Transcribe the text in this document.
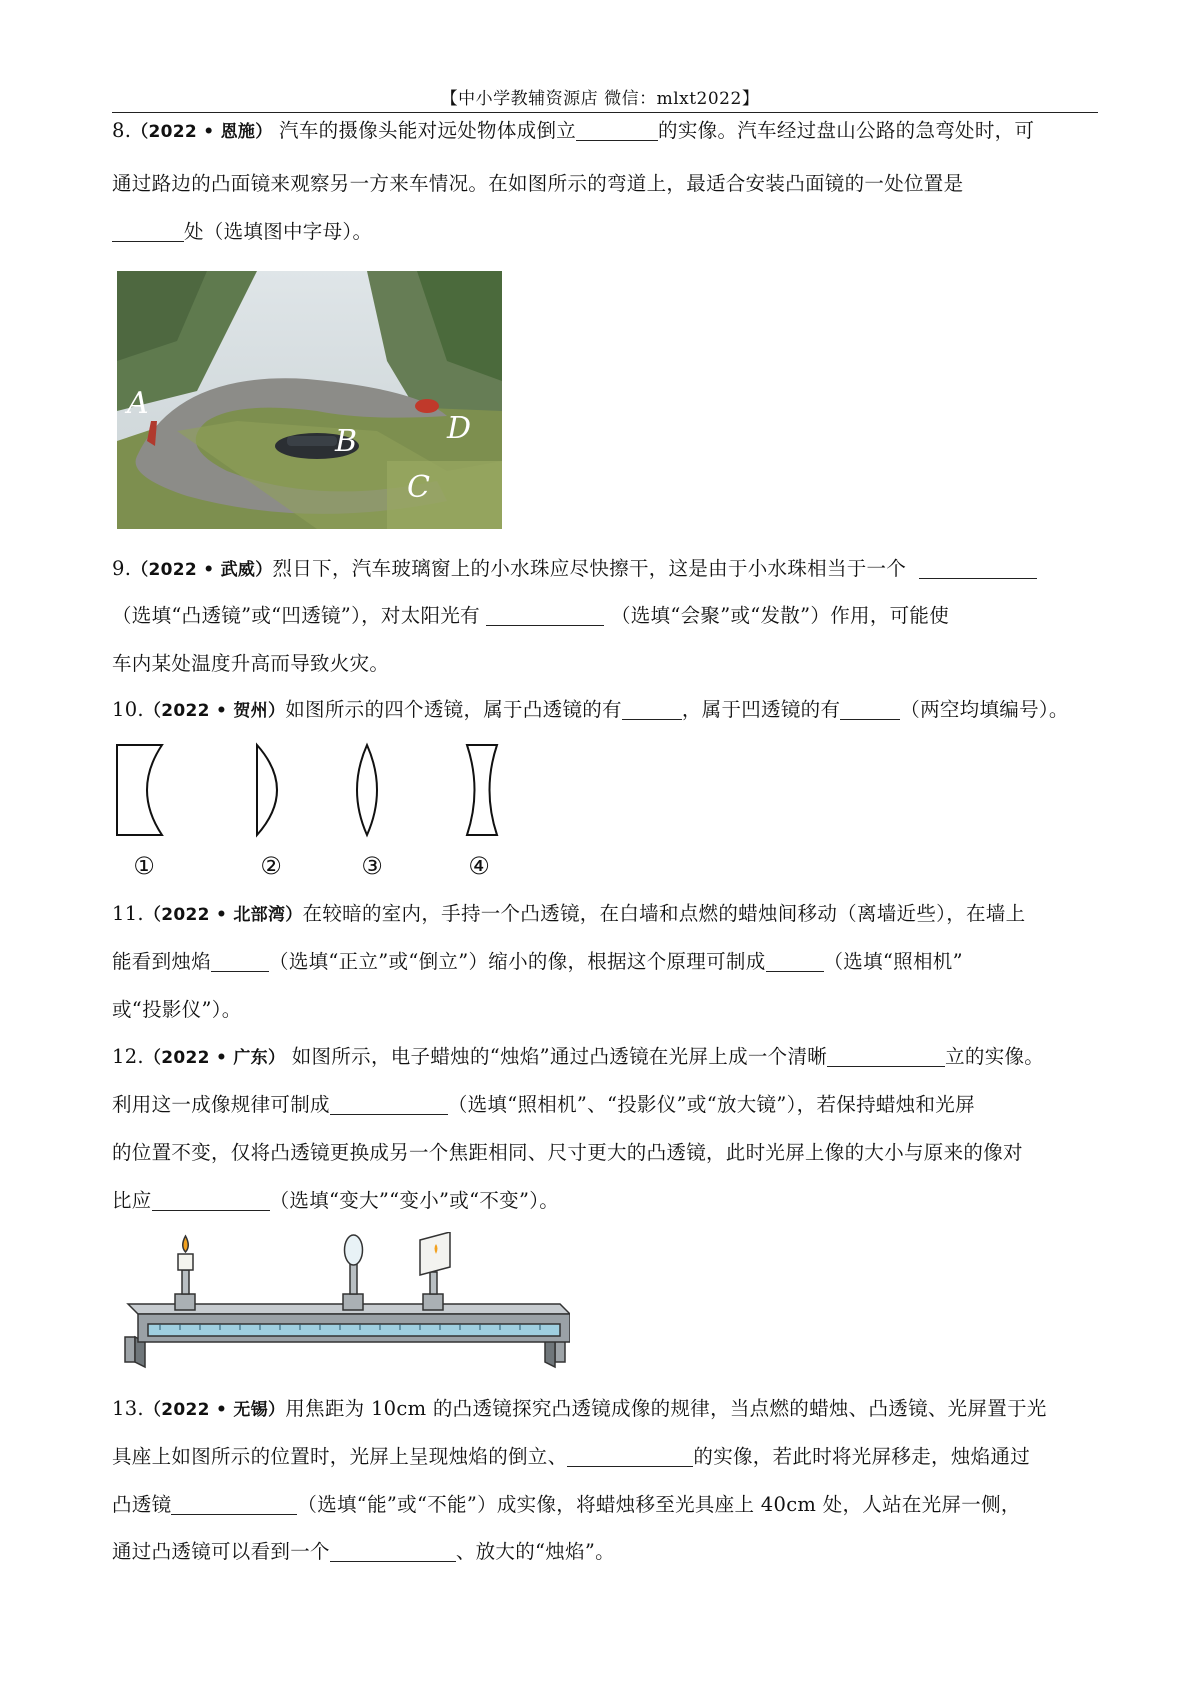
【中小学教辅资源店 微信：mlxt2022】
8.（2022 • 恩施） 汽车的摄像头能对远处物体成倒立	的实像。汽车经过盘山公路的急弯处时，可
通过路边的凸面镜来观察另一方来车情况。在如图所示的弯道上，最适合安装凸面镜的一处位置是
处（选填图中字母）。
A
B
C
D
9.（2022 • 武威）烈日下，汽车玻璃窗上的小水珠应尽快擦干，这是由于小水珠相当于一个
（选填“凸透镜”或“凹透镜”），对太阳光有	（选填“会聚”或“发散”）作用，可能使
车内某处温度升高而导致火灾。
10.（2022 • 贺州）如图所示的四个透镜，属于凸透镜的有	，属于凹透镜的有	（两空均填编号）。
①	②	③	④
11.（2022 • 北部湾）在较暗的室内，手持一个凸透镜，在白墙和点燃的蜡烛间移动（离墙近些），在墙上
能看到烛焰	（选填“正立”或“倒立”）缩小的像，根据这个原理可制成	（选填“照相机”
或“投影仪”）。
12.（2022 • 广东） 如图所示，电子蜡烛的“烛焰”通过凸透镜在光屏上成一个清晰	立的实像。
利用这一成像规律可制成	（选填“照相机”、“投影仪”或“放大镜”），若保持蜡烛和光屏
的位置不变，仅将凸透镜更换成另一个焦距相同、尺寸更大的凸透镜，此时光屏上像的大小与原来的像对
比应	（选填“变大”“变小”或“不变”）。
13.（2022 • 无锡）用焦距为 10cm 的凸透镜探究凸透镜成像的规律，当点燃的蜡烛、凸透镜、光屏置于光
具座上如图所示的位置时，光屏上呈现烛焰的倒立、	的实像，若此时将光屏移走，烛焰通过
凸透镜	（选填“能”或“不能”）成实像，将蜡烛移至光具座上 40cm 处，人站在光屏一侧，
通过凸透镜可以看到一个	、放大的“烛焰”。
